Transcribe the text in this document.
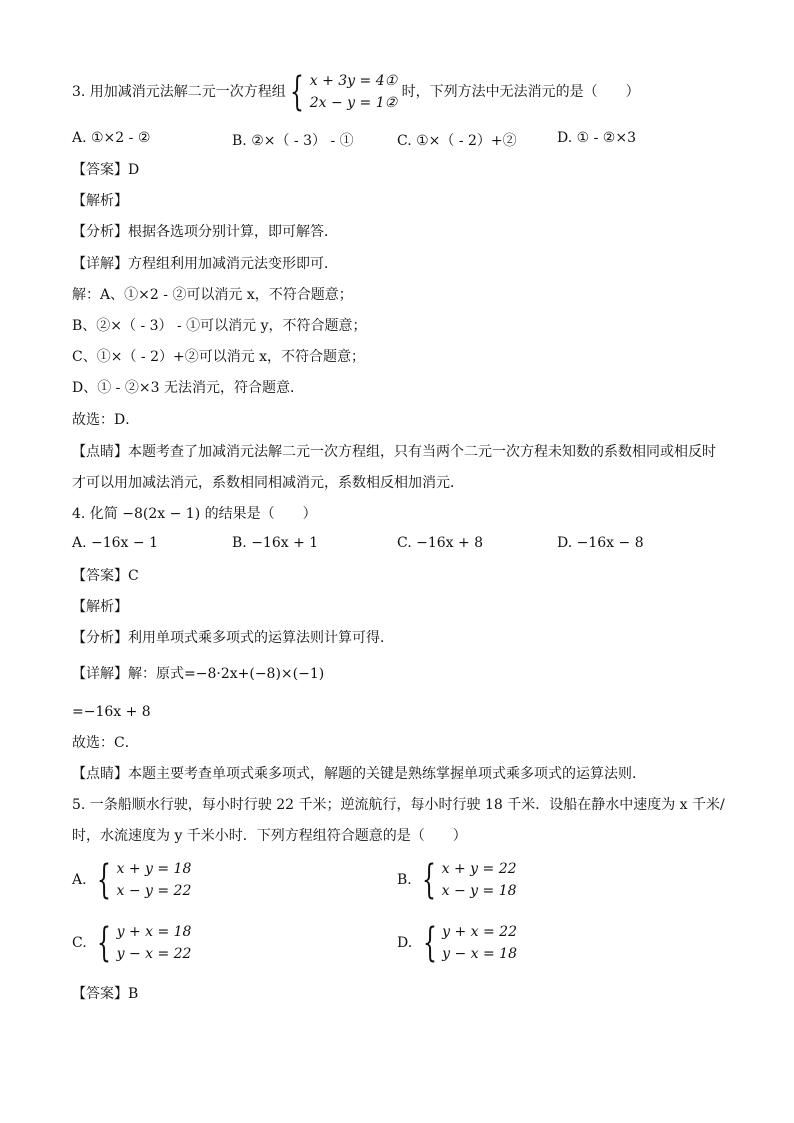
3. 用加减消元法解二元一次方程组 { x + 3y = 4①
2x − y = 1②
时，下列方法中无法消元的是（　　）
A. ①×2 - ②	B. ②×（ - 3） - ①	C. ①×（ - 2）+②	D. ① - ②×3
【答案】D
【解析】
【分析】根据各选项分别计算，即可解答．
【详解】方程组利用加减消元法变形即可．
解：A、①×2 - ②可以消元 x，不符合题意；
B、②×（ - 3） - ①可以消元 y，不符合题意；
C、①×（ - 2）+②可以消元 x，不符合题意；
D、① - ②×3 无法消元，符合题意．
故选：D．
【点睛】本题考查了加减消元法解二元一次方程组，只有当两个二元一次方程未知数的系数相同或相反时
才可以用加减法消元，系数相同相减消元，系数相反相加消元．
4. 化简 −8(2x − 1) 的结果是（　　）
A. −16x − 1	B. −16x + 1	C. −16x + 8	D. −16x − 8
【答案】C
【解析】
【分析】利用单项式乘多项式的运算法则计算可得．
【详解】解：原式=−8·2x+(−8)×(−1)
=−16x + 8
故选：C．
【点睛】本题主要考查单项式乘多项式，解题的关键是熟练掌握单项式乘多项式的运算法则．
5. 一条船顺水行驶，每小时行驶 22 千米；逆流航行，每小时行驶 18 千米．设船在静水中速度为 x 千米/
时，水流速度为 y 千米小时．下列方程组符合题意的是（　　）
A. { x + y = 18
x − y = 22
B. { x + y = 22
x − y = 18
C. { y + x = 18
y − x = 22
D. { y + x = 22
y − x = 18
【答案】B
